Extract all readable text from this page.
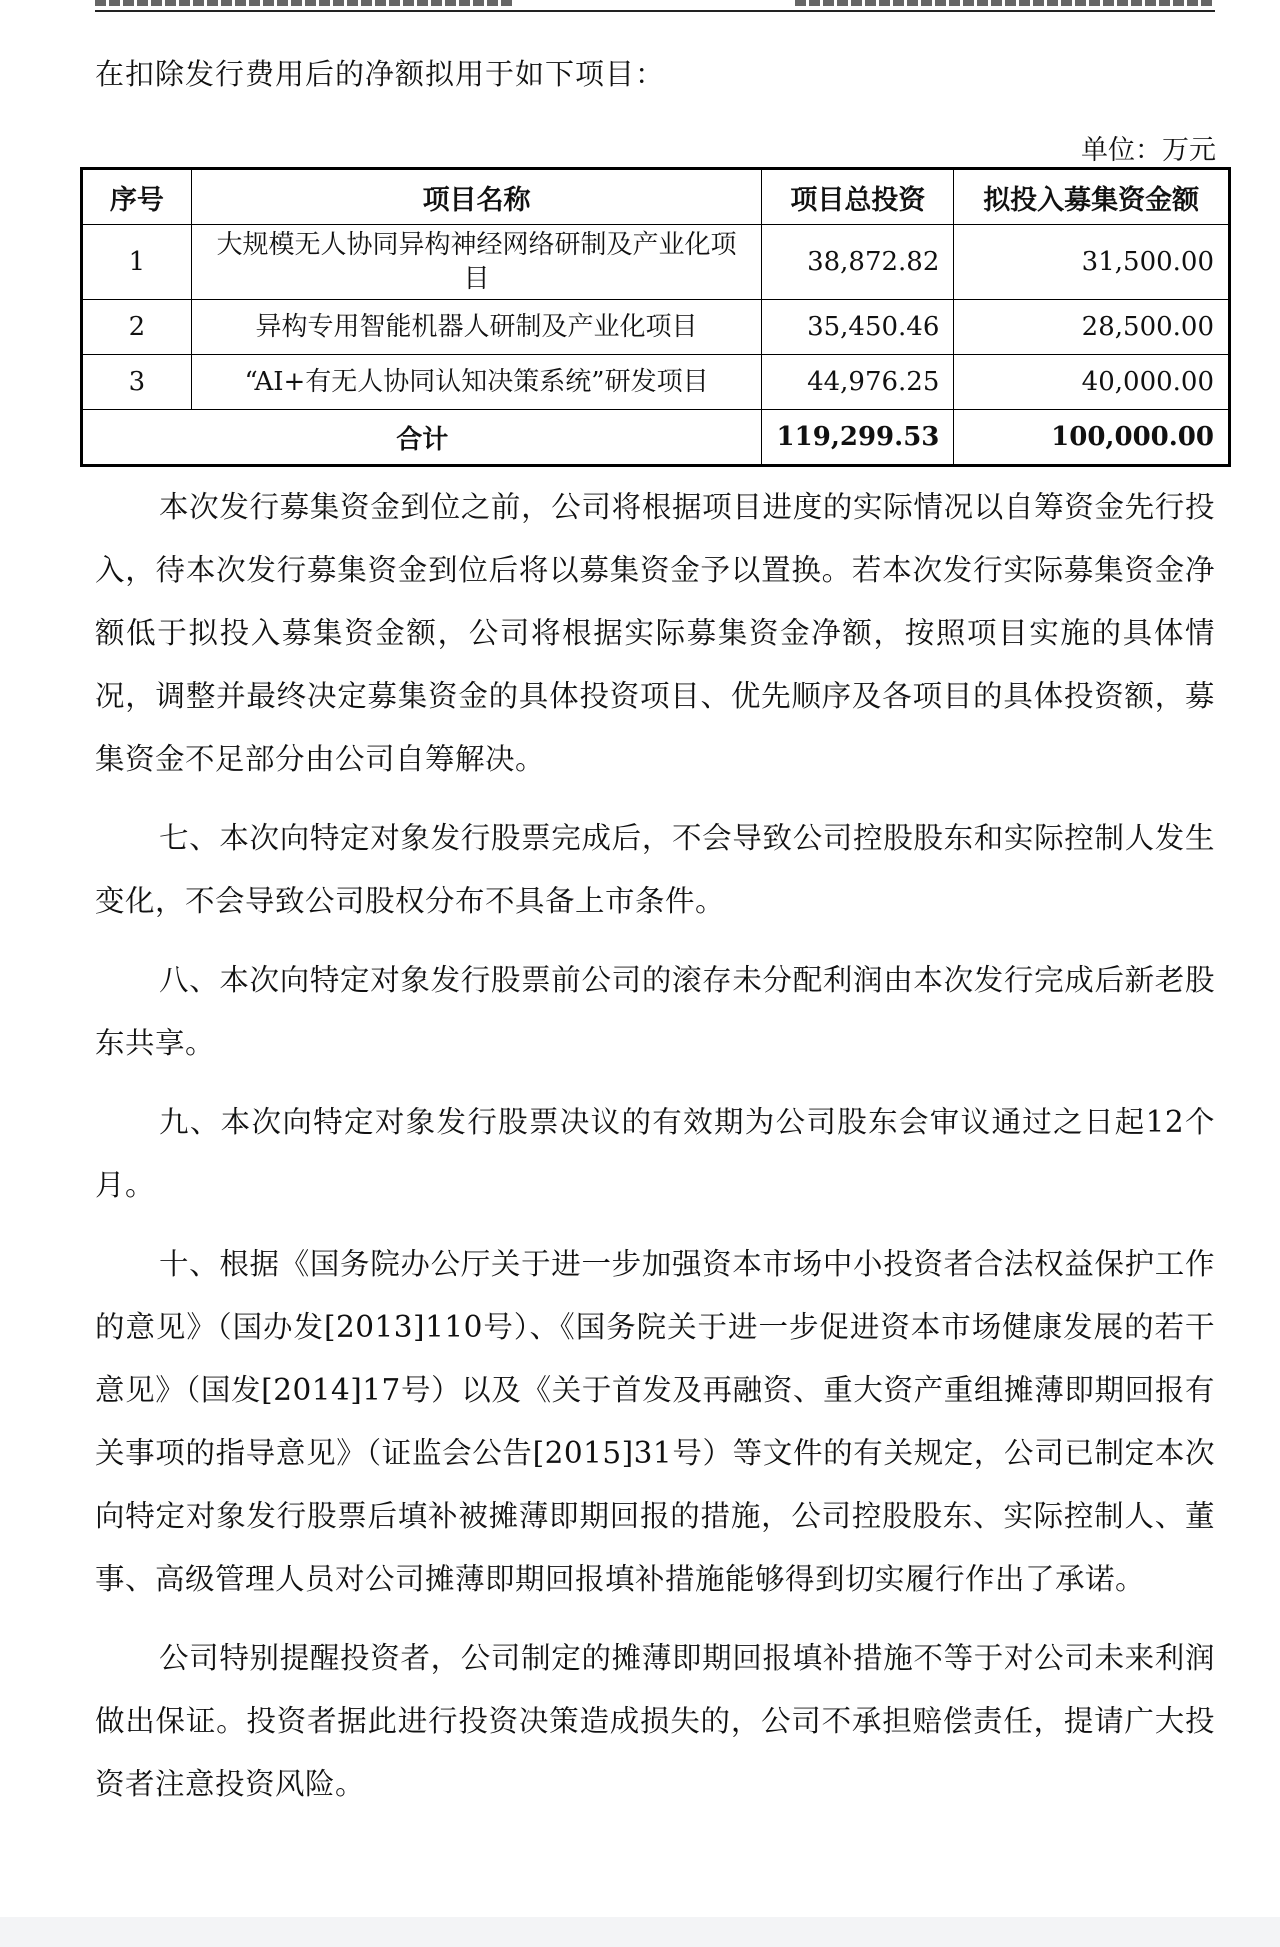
在扣除发行费用后的净额拟用于如下项目：
单位：万元
序号	项目名称	项目总投资	拟投入募集资金额
1	大规模无人协同异构神经网络研制及产业化项目	38,872.82	31,500.00
2	异构专用智能机器人研制及产业化项目	35,450.46	28,500.00
3	“AI+有无人协同认知决策系统”研发项目	44,976.25	40,000.00
合计		119,299.53	100,000.00

本次发行募集资金到位之前，公司将根据项目进度的实际情况以自筹资金先行投入，待本次发行募集资金到位后将以募集资金予以置换。若本次发行实际募集资金净额低于拟投入募集资金额，公司将根据实际募集资金净额，按照项目实施的具体情况，调整并最终决定募集资金的具体投资项目、优先顺序及各项目的具体投资额，募集资金不足部分由公司自筹解决。

七、本次向特定对象发行股票完成后，不会导致公司控股股东和实际控制人发生变化，不会导致公司股权分布不具备上市条件。

八、本次向特定对象发行股票前公司的滚存未分配利润由本次发行完成后新老股东共享。

九、本次向特定对象发行股票决议的有效期为公司股东会审议通过之日起12个月。

十、根据《国务院办公厅关于进一步加强资本市场中小投资者合法权益保护工作的意见》（国办发[2013]110号）、《国务院关于进一步促进资本市场健康发展的若干意见》（国发[2014]17号）以及《关于首发及再融资、重大资产重组摊薄即期回报有关事项的指导意见》（证监会公告[2015]31号）等文件的有关规定，公司已制定本次向特定对象发行股票后填补被摊薄即期回报的措施，公司控股股东、实际控制人、董事、高级管理人员对公司摊薄即期回报填补措施能够得到切实履行作出了承诺。

公司特别提醒投资者，公司制定的摊薄即期回报填补措施不等于对公司未来利润做出保证。投资者据此进行投资决策造成损失的，公司不承担赔偿责任，提请广大投资者注意投资风险。
